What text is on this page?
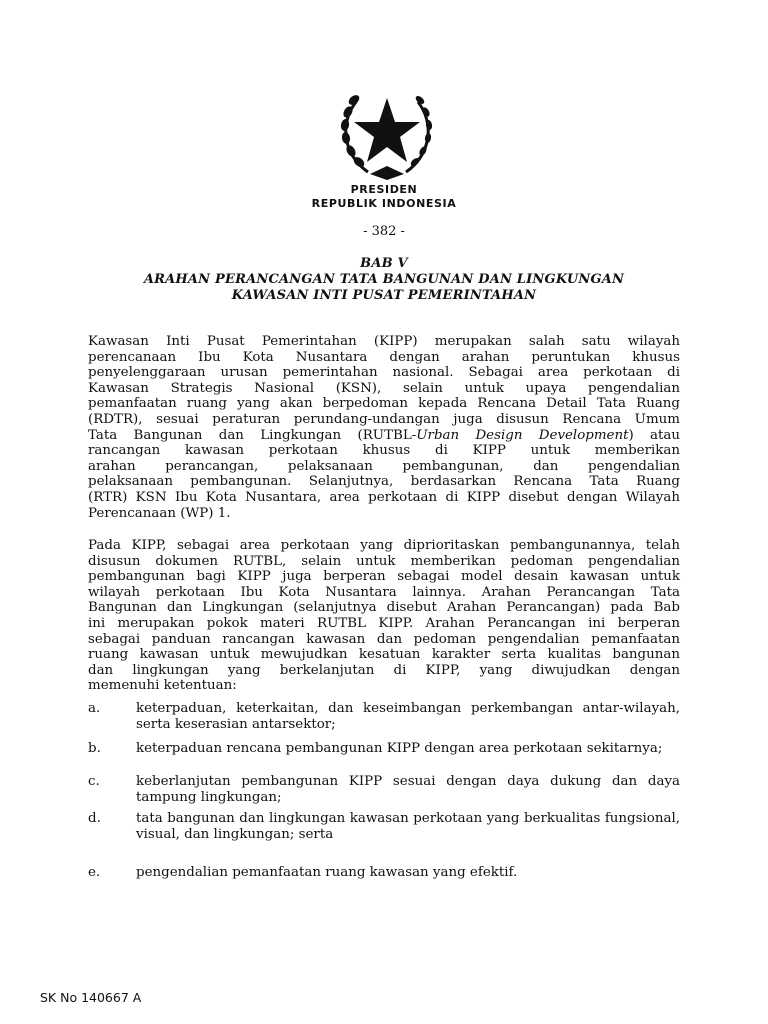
PRESIDEN
REPUBLIK INDONESIA
- 382 -
BAB V
ARAHAN PERANCANGAN TATA BANGUNAN DAN LINGKUNGAN
KAWASAN INTI PUSAT PEMERINTAHAN
Kawasan Inti Pusat Pemerintahan (KIPP) merupakan salah satu wilayah
perencanaan Ibu Kota Nusantara dengan arahan peruntukan khusus
penyelenggaraan urusan pemerintahan nasional. Sebagai area perkotaan di
Kawasan Strategis Nasional (KSN), selain untuk upaya pengendalian
pemanfaatan ruang yang akan berpedoman kepada Rencana Detail Tata Ruang
(RDTR), sesuai peraturan perundang-undangan juga disusun Rencana Umum
Tata Bangunan dan Lingkungan (RUTBL-Urban Design Development) atau
rancangan kawasan perkotaan khusus di KIPP untuk memberikan
arahan perancangan, pelaksanaan pembangunan, dan pengendalian
pelaksanaan pembangunan. Selanjutnya, berdasarkan Rencana Tata Ruang
(RTR) KSN Ibu Kota Nusantara, area perkotaan di KIPP disebut dengan Wilayah
Perencanaan (WP) 1.
Pada KIPP, sebagai area perkotaan yang diprioritaskan pembangunannya, telah
disusun dokumen RUTBL, selain untuk memberikan pedoman pengendalian
pembangunan bagi KIPP juga berperan sebagai model desain kawasan untuk
wilayah perkotaan Ibu Kota Nusantara lainnya. Arahan Perancangan Tata
Bangunan dan Lingkungan (selanjutnya disebut Arahan Perancangan) pada Bab
ini merupakan pokok materi RUTBL KIPP. Arahan Perancangan ini berperan
sebagai panduan rancangan kawasan dan pedoman pengendalian pemanfaatan
ruang kawasan untuk mewujudkan kesatuan karakter serta kualitas bangunan
dan lingkungan yang berkelanjutan di KIPP, yang diwujudkan dengan
memenuhi ketentuan:
a.	keterpaduan, keterkaitan, dan keseimbangan perkembangan antar-wilayah, serta keserasian antarsektor;
b.	keterpaduan rencana pembangunan KIPP dengan area perkotaan sekitarnya;
c.	keberlanjutan pembangunan KIPP sesuai dengan daya dukung dan daya tampung lingkungan;
d.	tata bangunan dan lingkungan kawasan perkotaan yang berkualitas fungsional, visual, dan lingkungan; serta
e.	pengendalian pemanfaatan ruang kawasan yang efektif.
SK No 140667 A
